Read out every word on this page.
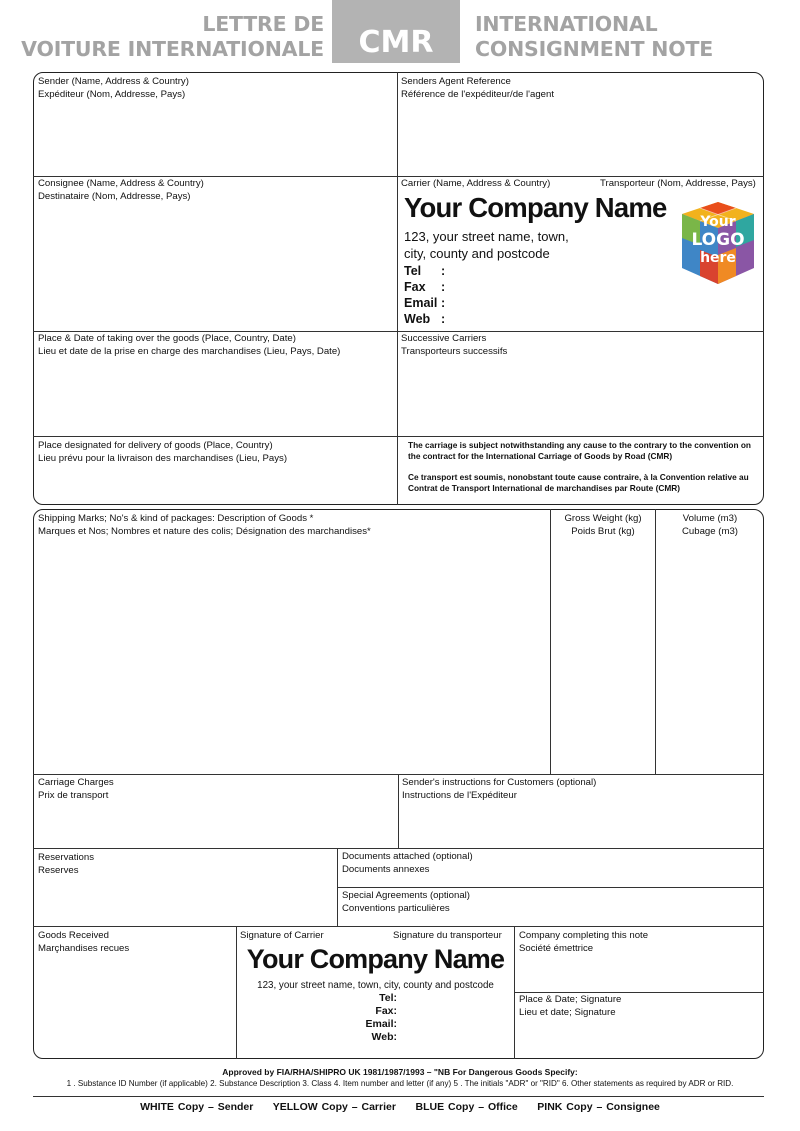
LETTRE DE
VOITURE INTERNATIONALE	CMR
INTERNATIONAL
CONSIGNMENT NOTE
Sender (Name, Address & Country)
Expéditeur (Nom, Addresse, Pays)
Senders Agent Reference
Référence de l'expéditeur/de l'agent
Consignee (Name, Address & Country)
Destinataire (Nom, Addresse, Pays)
Carrier (Name, Address & Country)	Transporteur (Nom, Addresse, Pays)
Your Company Name
123, your street name, town,
city, county and postcode
Tel	:
Fax	:
Email :
Web :
Your
LOGO
here
Place & Date of taking over the goods (Place, Country, Date)
Lieu et date de la prise en charge des marchandises (Lieu, Pays, Date)
Successive Carriers
Transporteurs successifs
Place designated for delivery of goods (Place, Country)
Lieu prévu pour la livraison des marchandises (Lieu, Pays)
The carriage is subject notwithstanding any cause to the contrary to the convention on the contract for the International Carriage of Goods by Road (CMR)
Ce transport est soumis, nonobstant toute cause contraire, à la Convention relative au Contrat de Transport International de marchandises par Route (CMR)
Shipping Marks; No's & kind of packages: Description of Goods *
Marques et Nos; Nombres et nature des colis; Désignation des marchandises*
Gross Weight (kg)
Poids Brut (kg)
Volume (m3)
Cubage (m3)
Carriage Charges
Prix de transport
Sender's instructions for Customers (optional)
Instructions de l'Expéditeur
Reservations
Reserves
Documents attached (optional)
Documents annexes
Special Agreements (optional)
Conventions particulières
Goods Received
Marçhandises recues
Signature of Carrier	Signature du transporteur
Your Company Name
123, your street name, town, city, county and postcode
Tel:
Fax:
Email:
Web:
Company completing this note
Société émettrice
Place & Date; Signature
Lieu et date; Signature
Approved by FIA/RHA/SHIPRO UK 1981/1987/1993 – "NB For Dangerous Goods Specify:
1 . Substance ID Number (if applicable) 2. Substance Description 3. Class 4. Item number and letter (if any) 5 . The initials "ADR" or "RID" 6. Other statements as required by ADR or RID.
WHITE Copy – Sender     YELLOW Copy – Carrier     BLUE Copy – Office     PINK Copy – Consignee
